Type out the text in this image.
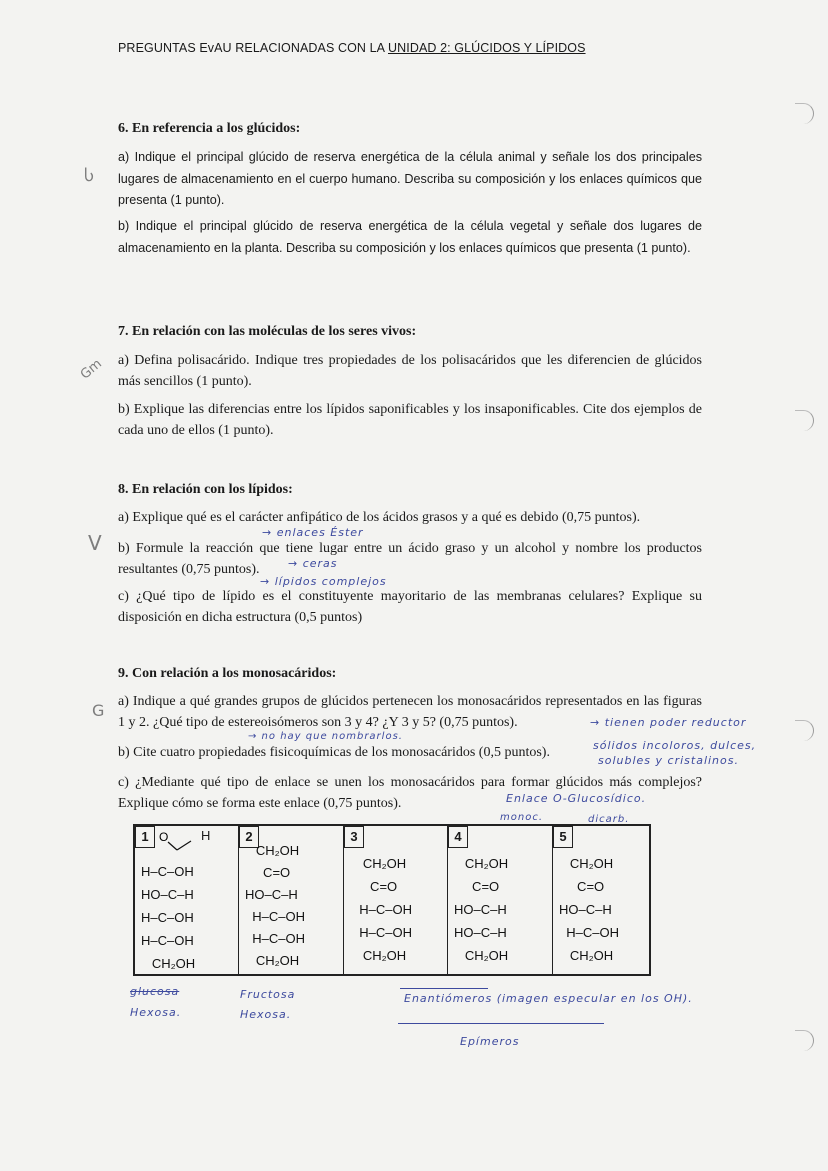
PREGUNTAS EvAU RELACIONADAS CON LA UNIDAD 2: GLÚCIDOS Y LÍPIDOS
6. En referencia a los glúcidos:
Ⴑ
a) Indique el principal glúcido de reserva energética de la célula animal y señale los dos principales lugares de almacenamiento en el cuerpo humano. Describa su composición y los enlaces químicos que presenta (1 punto).
b) Indique el principal glúcido de reserva energética de la célula vegetal y señale dos lugares de almacenamiento en la planta. Describa su composición y los enlaces químicos que presenta (1 punto).
7. En relación con las moléculas de los seres vivos:
Gm a) Defina polisacárido. Indique tres propiedades de los polisacáridos que les diferencien de glúcidos más sencillos (1 punto).
b) Explique las diferencias entre los lípidos saponificables y los insaponificables. Cite dos ejemplos de cada uno de ellos (1 punto).
8. En relación con los lípidos:
a) Explique qué es el carácter anfipático de los ácidos grasos y a qué es debido (0,75 puntos).
→ enlaces Éster
V b) Formule la reacción que tiene lugar entre un ácido graso y un alcohol y nombre los productos resultantes (0,75 puntos).	→ ceras
→ lípidos complejos
c) ¿Qué tipo de lípido es el constituyente mayoritario de las membranas celulares? Explique su disposición en dicha estructura (0,5 puntos)
9. Con relación a los monosacáridos:
G a) Indique a qué grandes grupos de glúcidos pertenecen los monosacáridos representados en las figuras 1 y 2. ¿Qué tipo de estereoisómeros son 3 y 4? ¿Y 3 y 5? (0,75 puntos).
→ no hay que nombrarlos.
→ tienen poder reductor
b) Cite cuatro propiedades fisicoquímicas de los monosacáridos (0,5 puntos).	sólidos incoloros, dulces,
solubles y cristalinos.
c) ¿Mediante qué tipo de enlace se unen los monosacáridos para formar glúcidos más complejos? Explique cómo se forma este enlace (0,75 puntos).	Enlace O-Glucosídico.
monoc.	dicarb.
1 O	H
H–C–OH
HO–C–H
H–C–OH
H–C–OH
CH₂OH
2
CH₂OH
C=O
HO–C–H
H–C–OH
H–C–OH
CH₂OH
3
CH₂OH
C=O
H–C–OH
H–C–OH
CH₂OH
4
CH₂OH
C=O
HO–C–H
HO–C–H
CH₂OH
5
CH₂OH
C=O
HO–C–H
H–C–OH
CH₂OH
glucosa
Hexosa.
Fructosa
Hexosa.
Enantiómeros (imagen especular en los OH).
Epímeros
